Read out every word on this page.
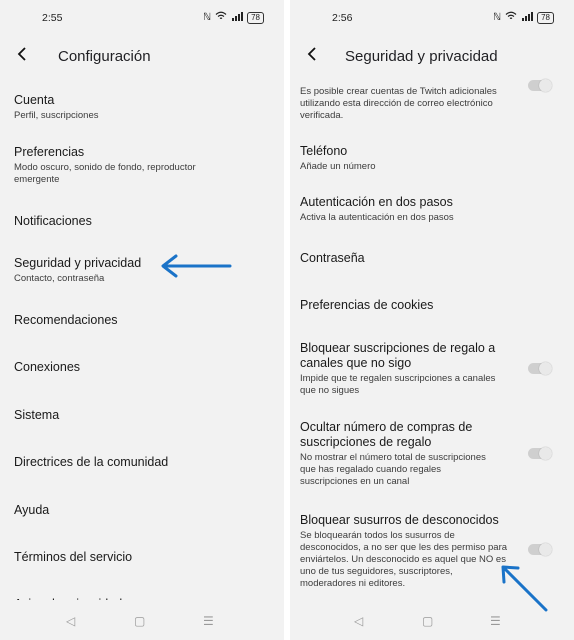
2:55	ℕ	78
Configuración
Cuenta
Perfil, suscripciones
Preferencias
Modo oscuro, sonido de fondo, reproductor emergente
Notificaciones
Seguridad y privacidad
Contacto, contraseña
Recomendaciones
Conexiones
Sistema
Directrices de la comunidad
Ayuda
Términos del servicio
◁	▢	☰
2:56	ℕ	78
Seguridad y privacidad
Es posible crear cuentas de Twitch adicionales utilizando esta dirección de correo electrónico verificada.
Teléfono
Añade un número
Autenticación en dos pasos
Activa la autenticación en dos pasos
Contraseña
Preferencias de cookies
Bloquear suscripciones de regalo a canales que no sigo
Impide que te regalen suscripciones a canales que no sigues
Ocultar número de compras de suscripciones de regalo
No mostrar el número total de suscripciones que has regalado cuando regales suscripciones en un canal
Bloquear susurros de desconocidos
Se bloquearán todos los susurros de desconocidos, a no ser que les des permiso para enviártelos. Un desconocido es aquel que NO es uno de tus seguidores, suscriptores, moderadores ni editores.
◁	▢	☰
